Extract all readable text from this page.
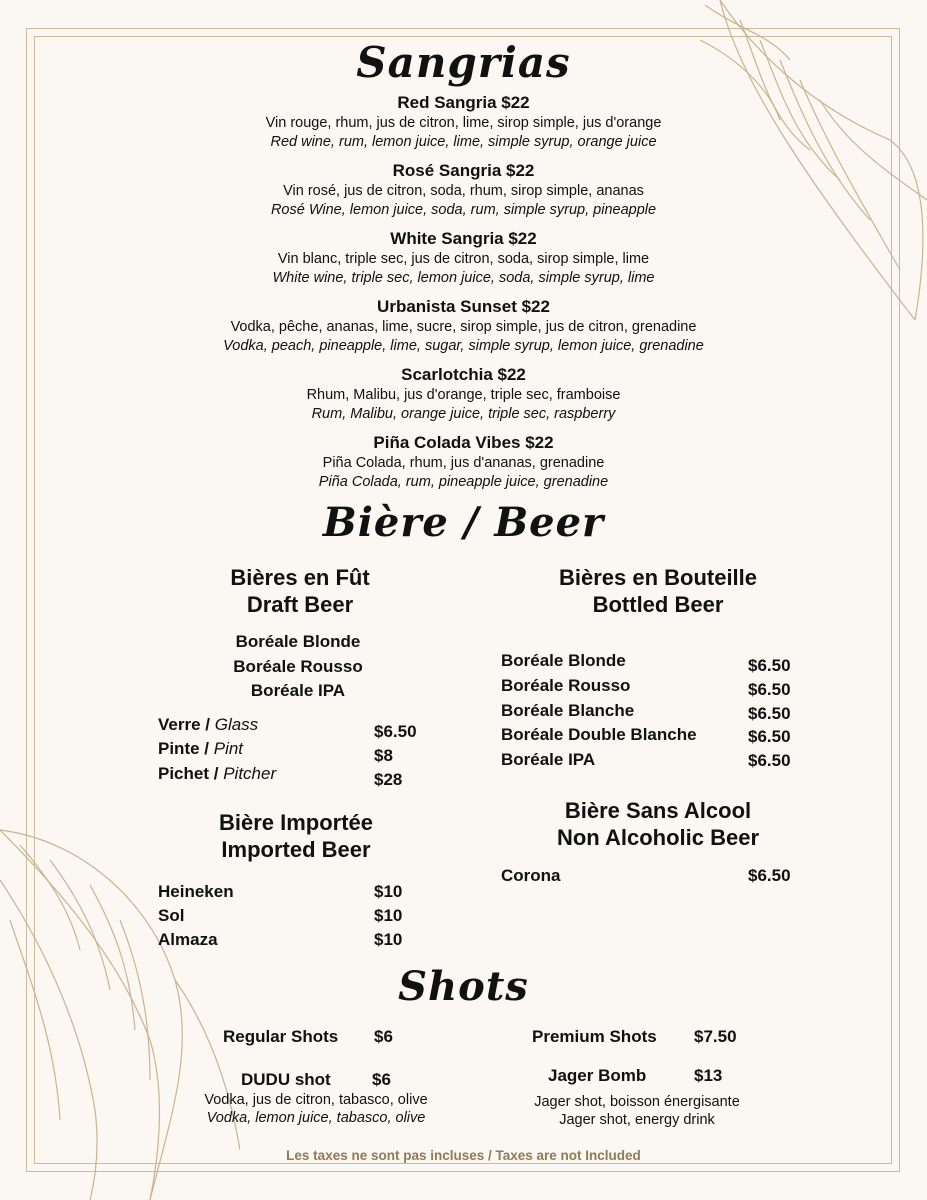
Sangrias
Red Sangria $22
Vin rouge, rhum, jus de citron, lime, sirop simple, jus d'orange
Red wine, rum, lemon juice, lime, simple syrup, orange juice
Rosé Sangria $22
Vin rosé, jus de citron, soda, rhum, sirop simple, ananas
Rosé Wine, lemon juice, soda, rum, simple syrup, pineapple
White Sangria $22
Vin blanc, triple sec, jus de citron, soda, sirop simple, lime
White wine, triple sec, lemon juice, soda, simple syrup, lime
Urbanista Sunset $22
Vodka, pêche, ananas, lime, sucre, sirop simple, jus de citron, grenadine
Vodka, peach, pineapple, lime, sugar, simple syrup, lemon juice, grenadine
Scarlotchia $22
Rhum, Malibu, jus d'orange, triple sec, framboise
Rum, Malibu, orange juice, triple sec, raspberry
Piña Colada Vibes $22
Piña Colada, rhum, jus d'ananas, grenadine
Piña Colada, rum, pineapple juice, grenadine
Bière / Beer
Bières en Fût
Draft Beer
Boréale Blonde
Boréale Rousso
Boréale IPA
Verre / Glass	$6.50
Pinte / Pint	$8
Pichet / Pitcher	$28
Bière Importée
Imported Beer
Heineken	$10
Sol	$10
Almaza	$10
Bières en Bouteille
Bottled Beer
Boréale Blonde	$6.50
Boréale Rousso	$6.50
Boréale Blanche	$6.50
Boréale Double Blanche	$6.50
Boréale IPA	$6.50
Bière Sans Alcool
Non Alcoholic Beer
Corona	$6.50
Shots
Regular Shots $6	Premium Shots $7.50
DUDU shot $6
Vodka, jus de citron, tabasco, olive
Vodka, lemon juice, tabasco, olive
Jager Bomb	$13
Jager shot, boisson énergisante
Jager shot, energy drink
Les taxes ne sont pas incluses / Taxes are not Included
